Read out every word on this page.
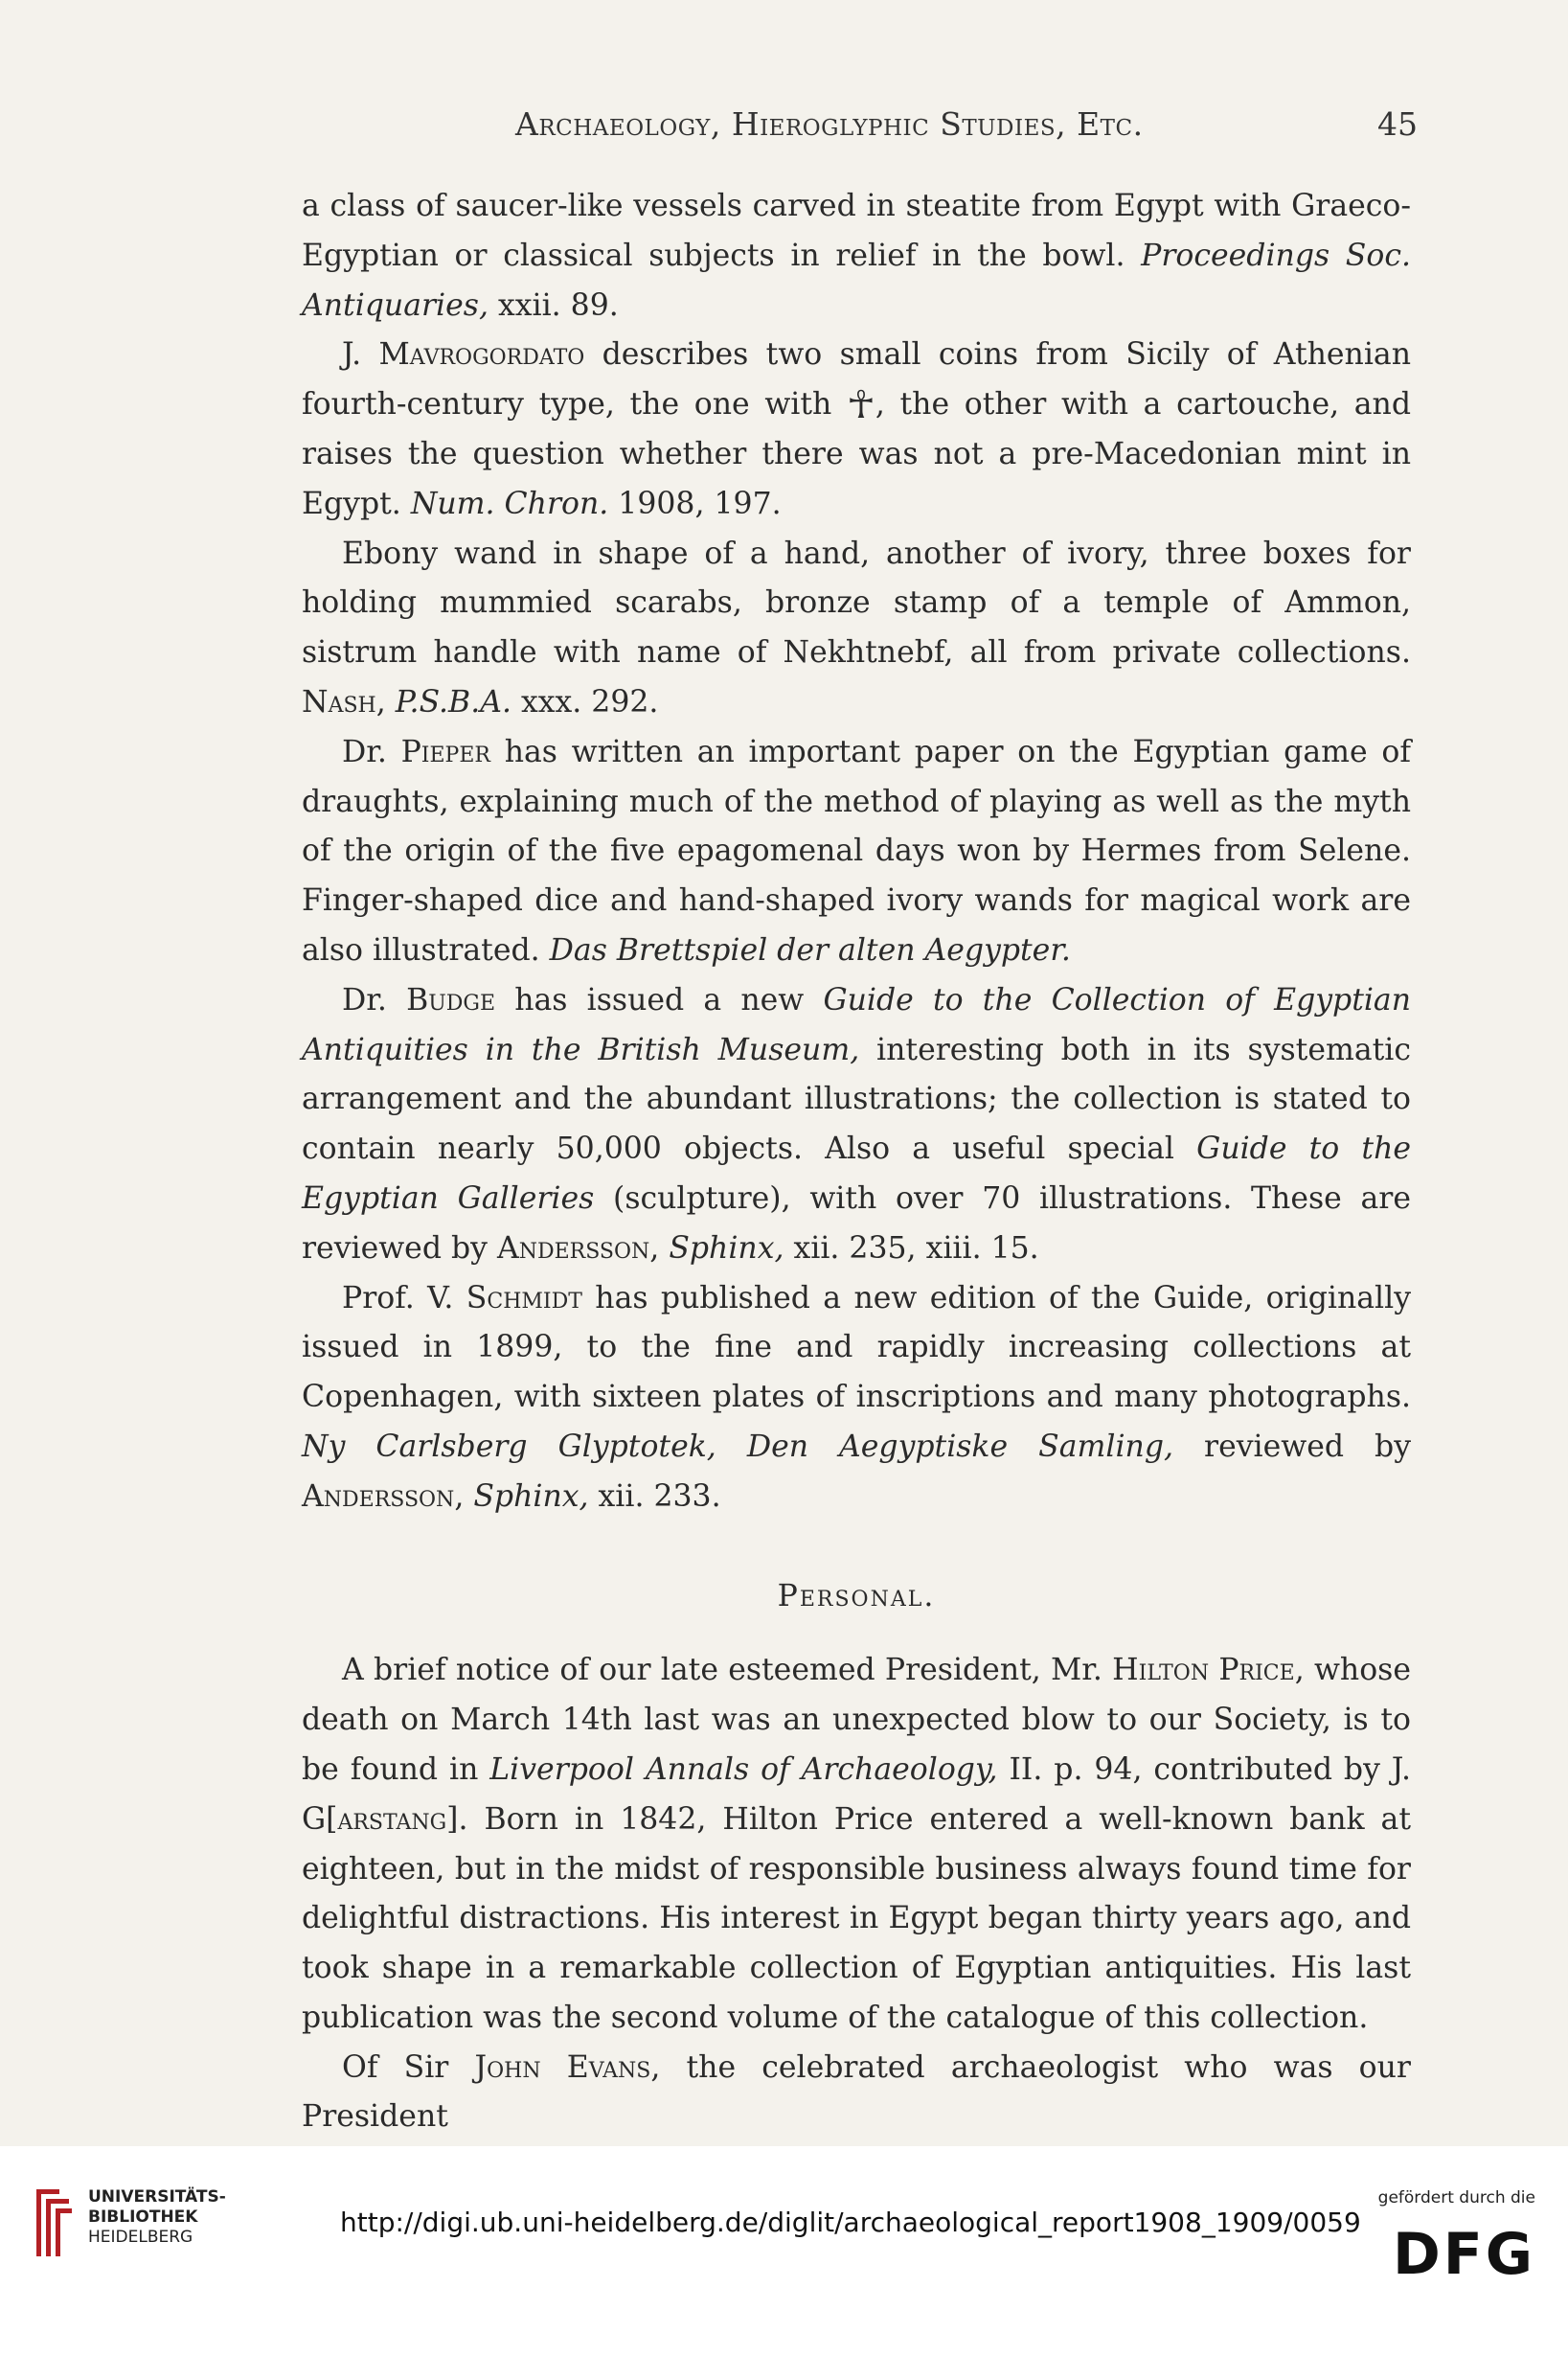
Archaeology, Hieroglyphic Studies, Etc.	45

a class of saucer-like vessels carved in steatite from Egypt with Graeco-Egyptian or classical subjects in relief in the bowl. Proceedings Soc. Antiquaries, xxii. 89.

J. Mavrogordato describes two small coins from Sicily of Athenian fourth-century type, the one with ☥, the other with a cartouche, and raises the question whether there was not a pre-Macedonian mint in Egypt. Num. Chron. 1908, 197.

Ebony wand in shape of a hand, another of ivory, three boxes for holding mummied scarabs, bronze stamp of a temple of Ammon, sistrum handle with name of Nekhtnebf, all from private collections. Nash, P.S.B.A. xxx. 292.

Dr. Pieper has written an important paper on the Egyptian game of draughts, explaining much of the method of playing as well as the myth of the origin of the five epagomenal days won by Hermes from Selene. Finger-shaped dice and hand-shaped ivory wands for magical work are also illustrated. Das Brettspiel der alten Aegypter.

Dr. Budge has issued a new Guide to the Collection of Egyptian Antiquities in the British Museum, interesting both in its systematic arrangement and the abundant illustrations; the collection is stated to contain nearly 50,000 objects. Also a useful special Guide to the Egyptian Galleries (sculpture), with over 70 illustrations. These are reviewed by Andersson, Sphinx, xii. 235, xiii. 15.

Prof. V. Schmidt has published a new edition of the Guide, originally issued in 1899, to the fine and rapidly increasing collections at Copenhagen, with sixteen plates of inscriptions and many photographs. Ny Carlsberg Glyptotek, Den Aegyptiske Samling, reviewed by Andersson, Sphinx, xii. 233.

Personal.

A brief notice of our late esteemed President, Mr. Hilton Price, whose death on March 14th last was an unexpected blow to our Society, is to be found in Liverpool Annals of Archaeology, II. p. 94, contributed by J. G[arstang]. Born in 1842, Hilton Price entered a well-known bank at eighteen, but in the midst of responsible business always found time for delightful distractions. His interest in Egypt began thirty years ago, and took shape in a remarkable collection of Egyptian antiquities. His last publication was the second volume of the catalogue of this collection.

Of Sir John Evans, the celebrated archaeologist who was our President

UNIVERSITÄTS-
BIBLIOTHEK
HEIDELBERG	http://digi.ub.uni-heidelberg.de/diglit/archaeological_report1908_1909/0059
gefördert durch die
DFG
